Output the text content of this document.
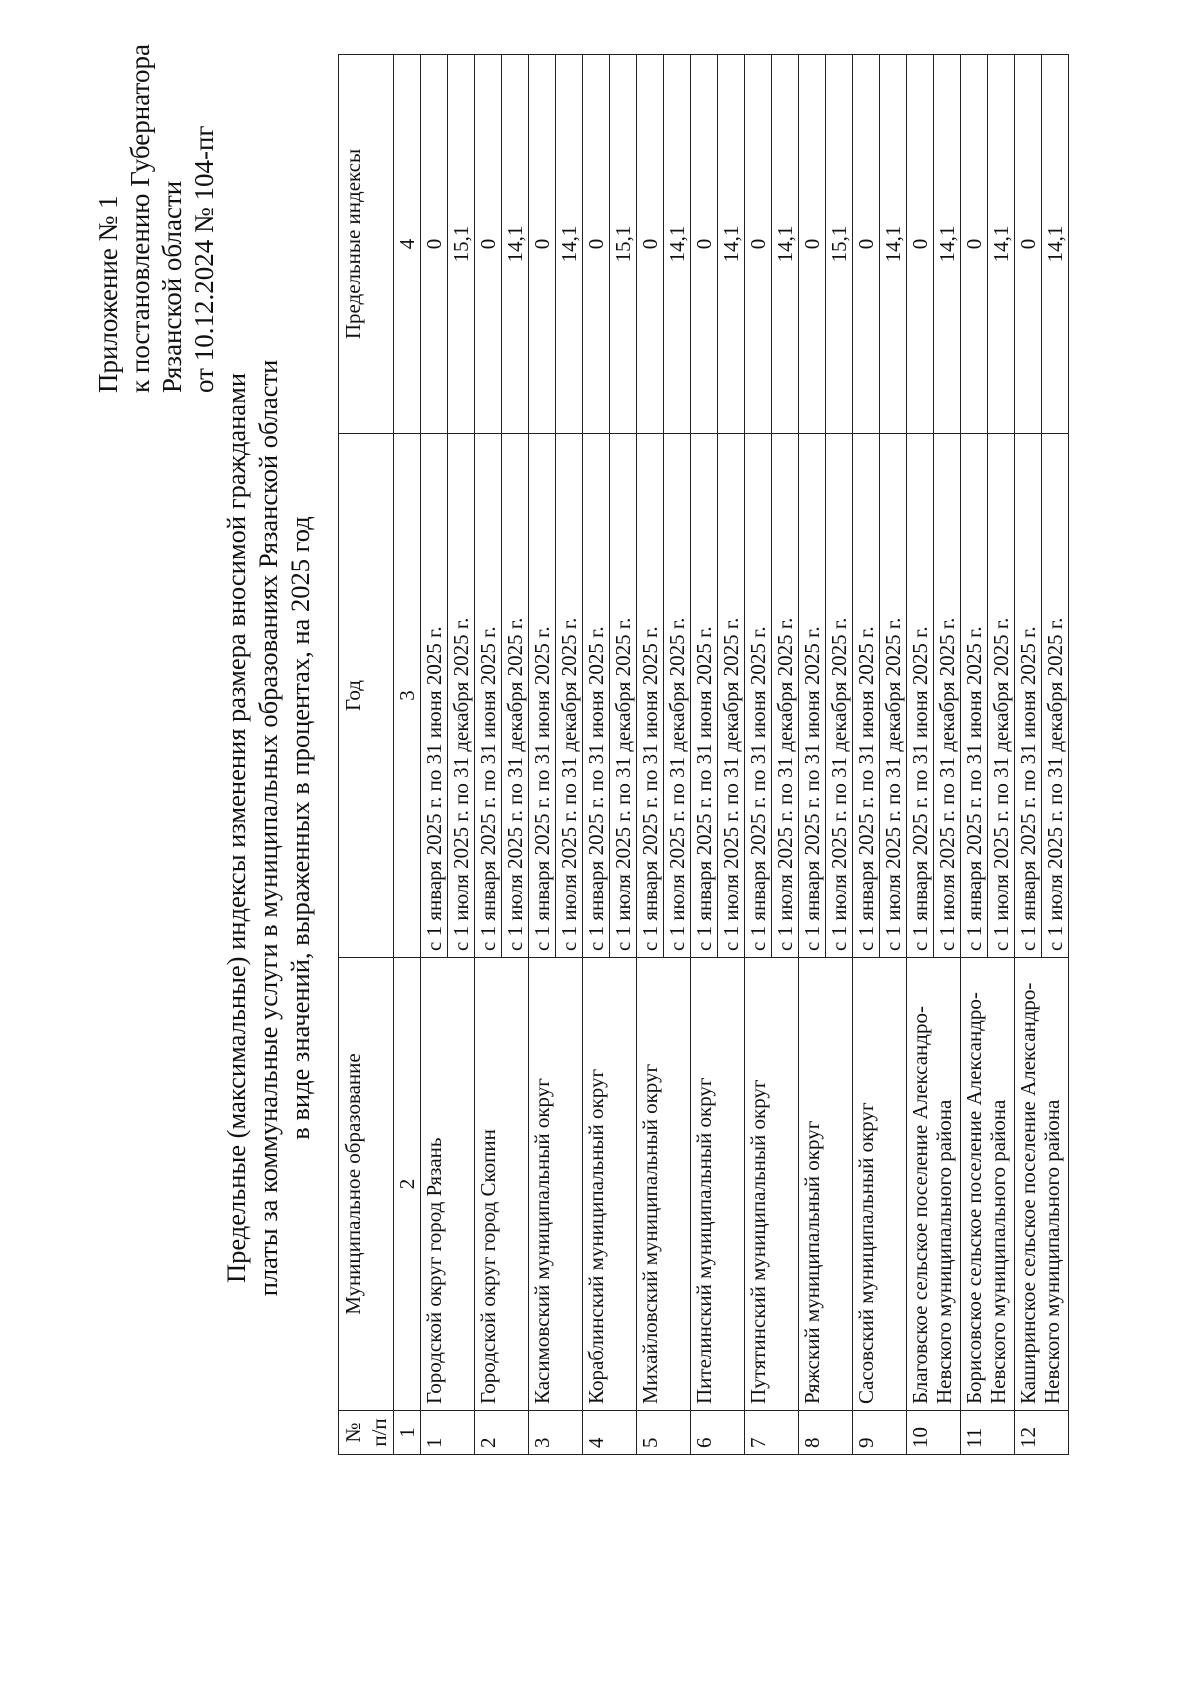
Приложение № 1 к постановлению Губернатора Рязанской области от 10.12.2024 № 104-пг
Предельные (максимальные) индексы изменения размера вносимой гражданами платы за коммунальные услуги в муниципальных образованиях Рязанской области в виде значений, выраженных в процентах, на 2025 год
№ п/п	Муниципальное образование	Год	Предельные индексы
1	2	3	4
1	Городской округ город Рязань	с 1 января 2025 г. по 31 июня 2025 г.	0
		с 1 июля 2025 г. по 31 декабря 2025 г.	15,1
2	Городской округ город Скопин	с 1 января 2025 г. по 31 июня 2025 г.	0
		с 1 июля 2025 г. по 31 декабря 2025 г.	14,1
3	Касимовский муниципальный округ	с 1 января 2025 г. по 31 июня 2025 г.	0
		с 1 июля 2025 г. по 31 декабря 2025 г.	14,1
4	Кораблинский муниципальный округ	с 1 января 2025 г. по 31 июня 2025 г.	0
		с 1 июля 2025 г. по 31 декабря 2025 г.	15,1
5	Михайловский муниципальный округ	с 1 января 2025 г. по 31 июня 2025 г.	0
		с 1 июля 2025 г. по 31 декабря 2025 г.	14,1
6	Пителинский муниципальный округ	с 1 января 2025 г. по 31 июня 2025 г.	0
		с 1 июля 2025 г. по 31 декабря 2025 г.	14,1
7	Путятинский муниципальный округ	с 1 января 2025 г. по 31 июня 2025 г.	0
		с 1 июля 2025 г. по 31 декабря 2025 г.	14,1
8	Ряжский муниципальный округ	с 1 января 2025 г. по 31 июня 2025 г.	0
		с 1 июля 2025 г. по 31 декабря 2025 г.	15,1
9	Сасовский муниципальный округ	с 1 января 2025 г. по 31 июня 2025 г.	0
		с 1 июля 2025 г. по 31 декабря 2025 г.	14,1
10	Благовское сельское поселение Александро-Невского муниципального района	с 1 января 2025 г. по 31 июня 2025 г.	0
		с 1 июля 2025 г. по 31 декабря 2025 г.	14,1
11	Борисовское сельское поселение Александро-Невского муниципального района	с 1 января 2025 г. по 31 июня 2025 г.	0
		с 1 июля 2025 г. по 31 декабря 2025 г.	14,1
12	Каширинское сельское поселение Александро-Невского муниципального района	с 1 января 2025 г. по 31 июня 2025 г.	0
		с 1 июля 2025 г. по 31 декабря 2025 г.	14,1
